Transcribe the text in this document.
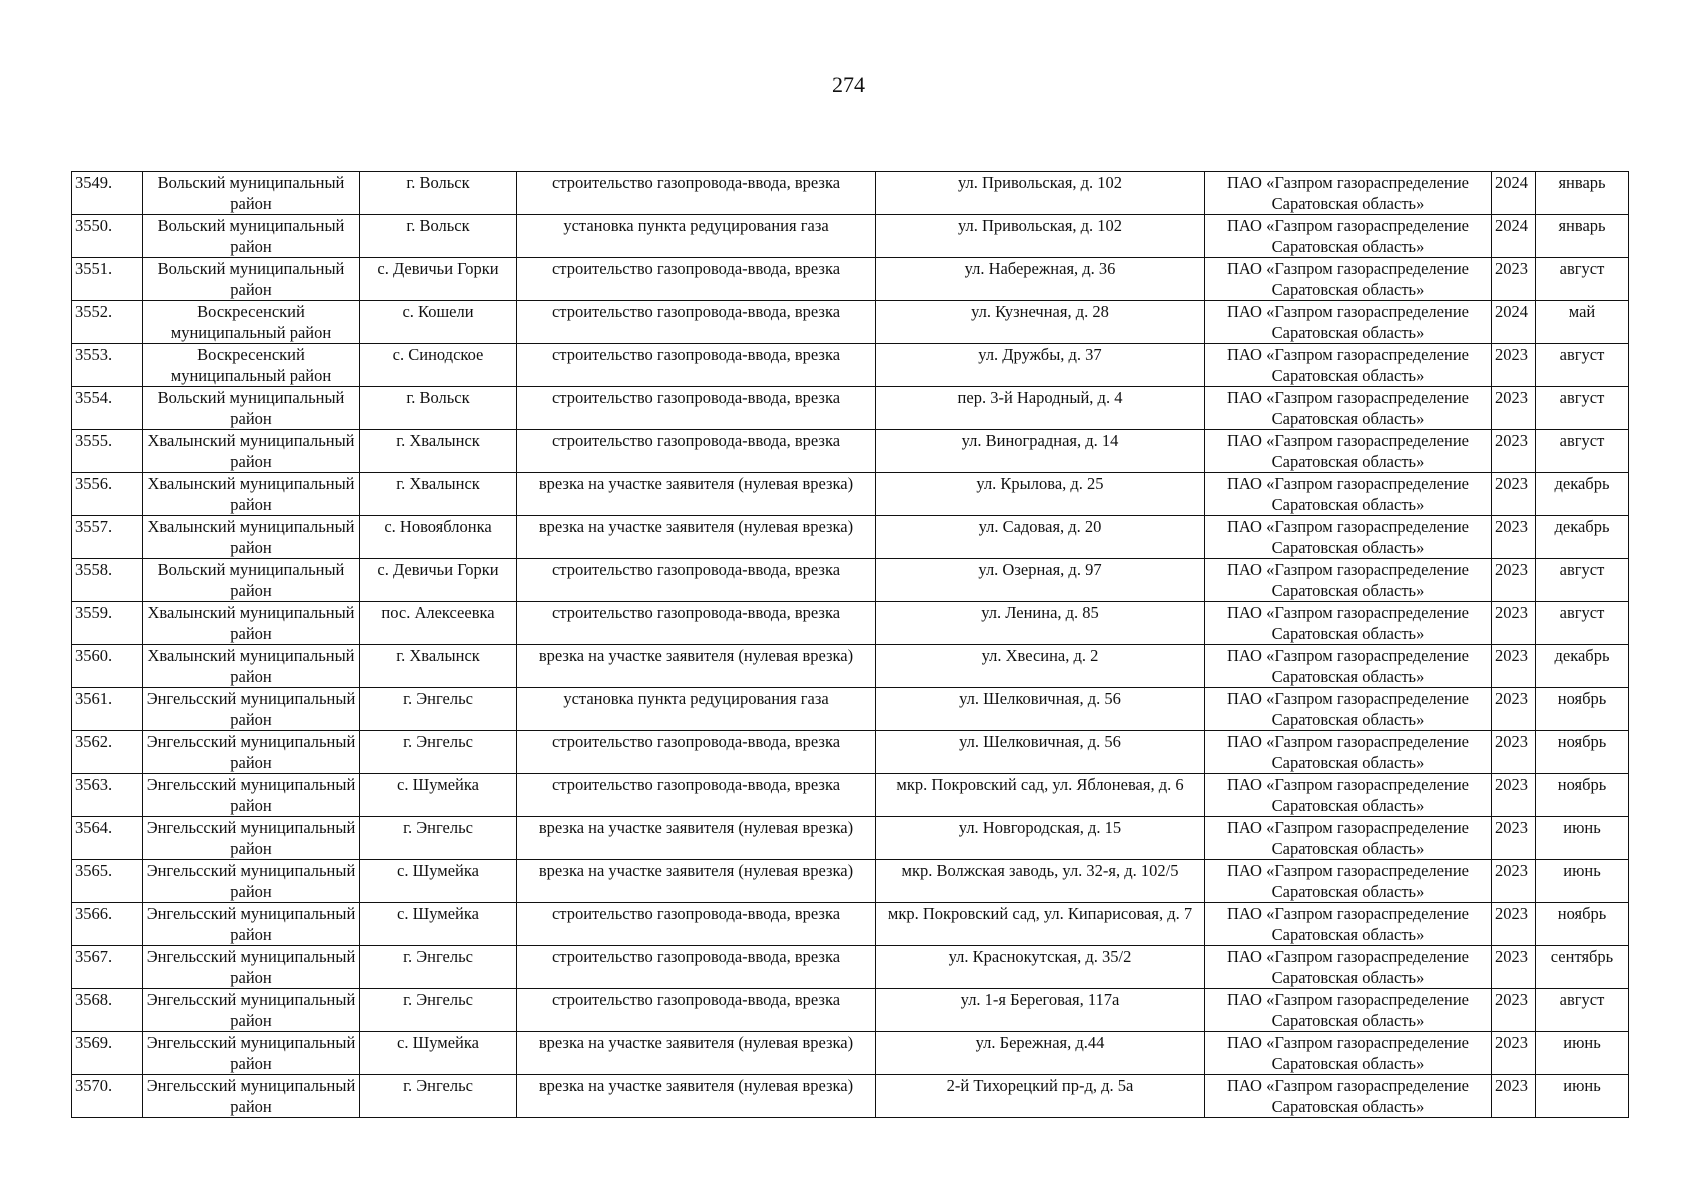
274
3549.	Вольский муниципальный район	г. Вольск	строительство газопровода-ввода, врезка	ул. Привольская, д. 102	ПАО «Газпром газораспределение Саратовская область»	2024	январь
3550.	Вольский муниципальный район	г. Вольск	установка пункта редуцирования газа	ул. Привольская, д. 102	ПАО «Газпром газораспределение Саратовская область»	2024	январь
3551.	Вольский муниципальный район	с. Девичьи Горки	строительство газопровода-ввода, врезка	ул. Набережная, д. 36	ПАО «Газпром газораспределение Саратовская область»	2023	август
3552.	Воскресенский муниципальный район	с. Кошели	строительство газопровода-ввода, врезка	ул. Кузнечная, д. 28	ПАО «Газпром газораспределение Саратовская область»	2024	май
3553.	Воскресенский муниципальный район	с. Синодское	строительство газопровода-ввода, врезка	ул. Дружбы, д. 37	ПАО «Газпром газораспределение Саратовская область»	2023	август
3554.	Вольский муниципальный район	г. Вольск	строительство газопровода-ввода, врезка	пер. 3-й Народный, д. 4	ПАО «Газпром газораспределение Саратовская область»	2023	август
3555.	Хвалынский муниципальный район	г. Хвалынск	строительство газопровода-ввода, врезка	ул. Виноградная, д. 14	ПАО «Газпром газораспределение Саратовская область»	2023	август
3556.	Хвалынский муниципальный район	г. Хвалынск	врезка на участке заявителя (нулевая врезка)	ул. Крылова, д. 25	ПАО «Газпром газораспределение Саратовская область»	2023	декабрь
3557.	Хвалынский муниципальный район	с. Новояблонка	врезка на участке заявителя (нулевая врезка)	ул. Садовая, д. 20	ПАО «Газпром газораспределение Саратовская область»	2023	декабрь
3558.	Вольский муниципальный район	с. Девичьи Горки	строительство газопровода-ввода, врезка	ул. Озерная, д. 97	ПАО «Газпром газораспределение Саратовская область»	2023	август
3559.	Хвалынский муниципальный район	пос. Алексеевка	строительство газопровода-ввода, врезка	ул. Ленина, д. 85	ПАО «Газпром газораспределение Саратовская область»	2023	август
3560.	Хвалынский муниципальный район	г. Хвалынск	врезка на участке заявителя (нулевая врезка)	ул. Хвесина, д. 2	ПАО «Газпром газораспределение Саратовская область»	2023	декабрь
3561.	Энгельсский муниципальный район	г. Энгельс	установка пункта редуцирования газа	ул. Шелковичная, д. 56	ПАО «Газпром газораспределение Саратовская область»	2023	ноябрь
3562.	Энгельсский муниципальный район	г. Энгельс	строительство газопровода-ввода, врезка	ул. Шелковичная, д. 56	ПАО «Газпром газораспределение Саратовская область»	2023	ноябрь
3563.	Энгельсский муниципальный район	с. Шумейка	строительство газопровода-ввода, врезка	мкр. Покровский сад, ул. Яблоневая, д. 6	ПАО «Газпром газораспределение Саратовская область»	2023	ноябрь
3564.	Энгельсский муниципальный район	г. Энгельс	врезка на участке заявителя (нулевая врезка)	ул. Новгородская, д. 15	ПАО «Газпром газораспределение Саратовская область»	2023	июнь
3565.	Энгельсский муниципальный район	с. Шумейка	врезка на участке заявителя (нулевая врезка)	мкр. Волжская заводь, ул. 32-я, д. 102/5	ПАО «Газпром газораспределение Саратовская область»	2023	июнь
3566.	Энгельсский муниципальный район	с. Шумейка	строительство газопровода-ввода, врезка	мкр. Покровский сад, ул. Кипарисовая, д. 7	ПАО «Газпром газораспределение Саратовская область»	2023	ноябрь
3567.	Энгельсский муниципальный район	г. Энгельс	строительство газопровода-ввода, врезка	ул. Краснокутская, д. 35/2	ПАО «Газпром газораспределение Саратовская область»	2023	сентябрь
3568.	Энгельсский муниципальный район	г. Энгельс	строительство газопровода-ввода, врезка	ул. 1-я Береговая, 117а	ПАО «Газпром газораспределение Саратовская область»	2023	август
3569.	Энгельсский муниципальный район	с. Шумейка	врезка на участке заявителя (нулевая врезка)	ул. Бережная, д.44	ПАО «Газпром газораспределение Саратовская область»	2023	июнь
3570.	Энгельсский муниципальный район	г. Энгельс	врезка на участке заявителя (нулевая врезка)	2-й Тихорецкий пр-д, д. 5а	ПАО «Газпром газораспределение Саратовская область»	2023	июнь
